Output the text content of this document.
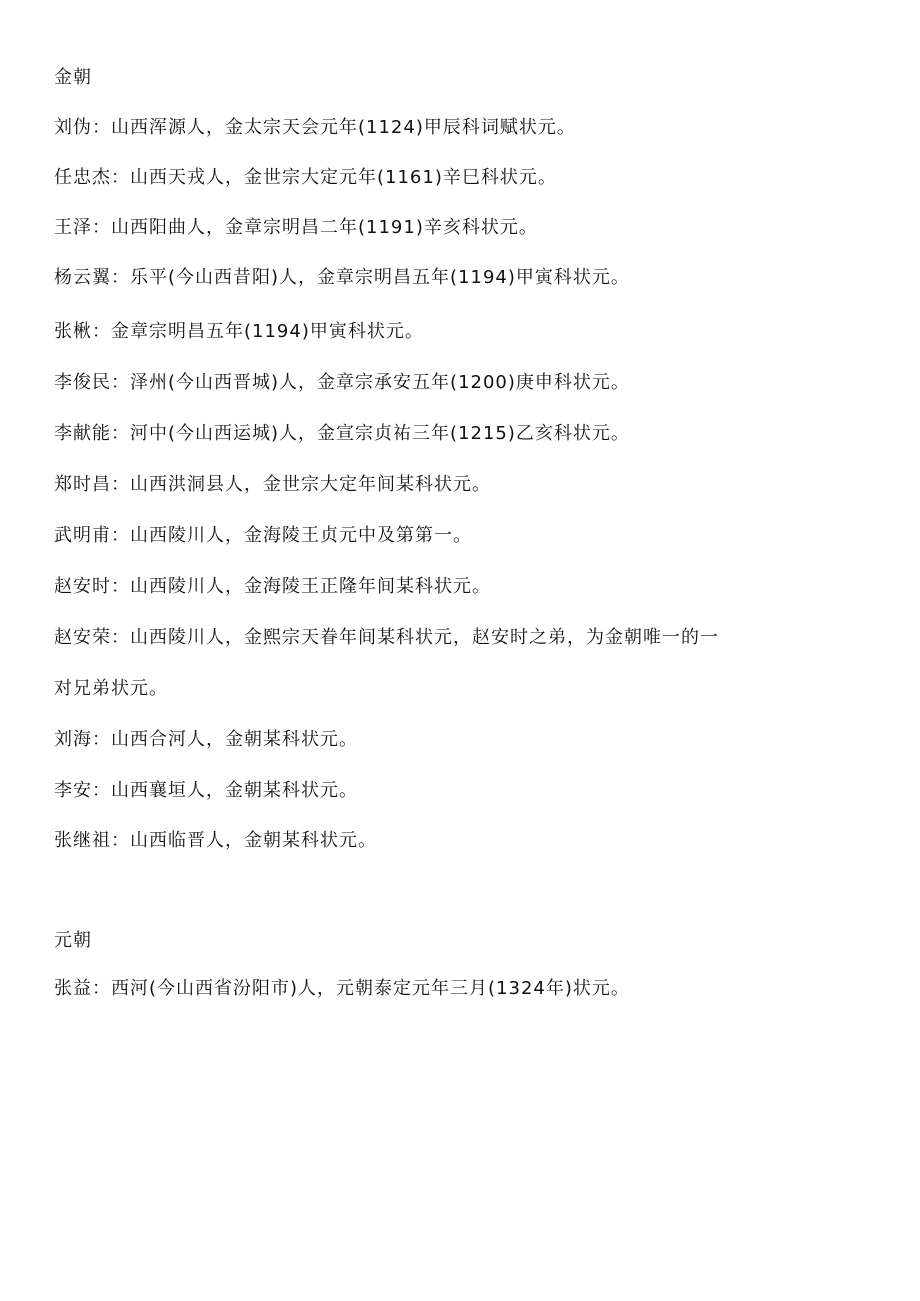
金朝
刘伪：山西浑源人，金太宗天会元年(1124)甲辰科词赋状元。
任忠杰：山西天戎人，金世宗大定元年(1161)辛巳科状元。
王泽：山西阳曲人，金章宗明昌二年(1191)辛亥科状元。
杨云翼：乐平(今山西昔阳)人，金章宗明昌五年(1194)甲寅科状元。
张楸：金章宗明昌五年(1194)甲寅科状元。
李俊民：泽州(今山西晋城)人，金章宗承安五年(1200)庚申科状元。
李献能：河中(今山西运城)人，金宣宗贞祐三年(1215)乙亥科状元。
郑时昌：山西洪洞县人，金世宗大定年间某科状元。
武明甫：山西陵川人，金海陵王贞元中及第第一。
赵安时：山西陵川人，金海陵王正隆年间某科状元。
赵安荣：山西陵川人，金熙宗天眷年间某科状元，赵安时之弟，为金朝唯一的一
对兄弟状元。
刘海：山西合河人，金朝某科状元。
李安：山西襄垣人，金朝某科状元。
张继祖：山西临晋人，金朝某科状元。
元朝
张益：西河(今山西省汾阳市)人，元朝泰定元年三月(1324年)状元。
